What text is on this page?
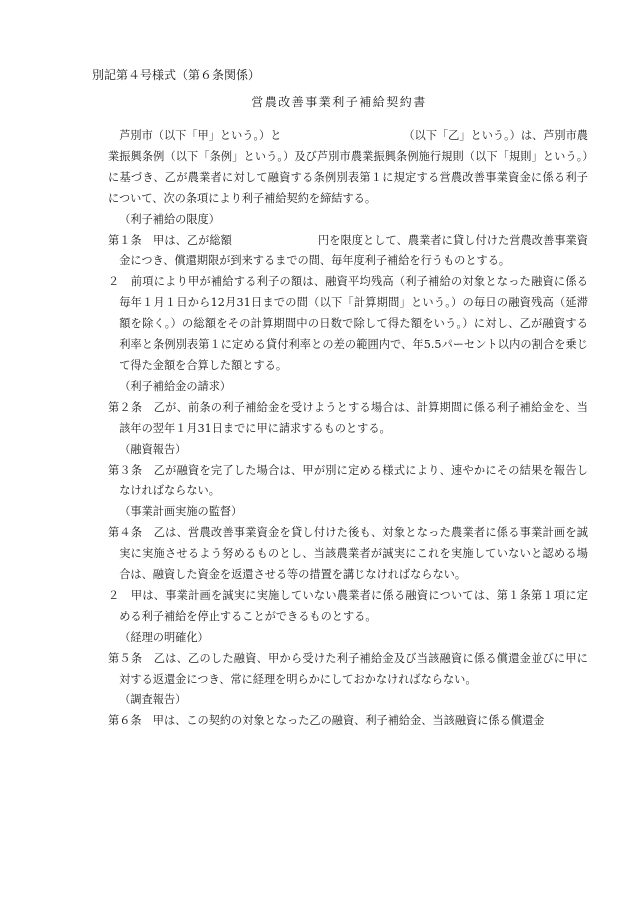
別記第４号様式（第６条関係）
営農改善事業利子補給契約書

芦別市（以下「甲」という。）と	（以下「乙」という。）は、芦別市農業振興条例（以下「条例」という。）及び芦別市農業振興条例施行規則（以下「規則」という。）に基づき、乙が農業者に対して融資する条例別表第１に規定する営農改善事業資金に係る利子について、次の条項により利子補給契約を締結する。

（利子補給の限度）

第１条　甲は、乙が総額	円を限度として、農業者に貸し付けた営農改善事業資金につき、償還期限が到来するまでの間、毎年度利子補給を行うものとする。

２　前項により甲が補給する利子の額は、融資平均残高（利子補給の対象となった融資に係る毎年１月１日から12月31日までの間（以下「計算期間」という。）の毎日の融資残高（延滞額を除く。）の総額をその計算期間中の日数で除して得た額をいう。）に対し、乙が融資する利率と条例別表第１に定める貸付利率との差の範囲内で、年5.5パーセント以内の割合を乗じて得た金額を合算した額とする。

（利子補給金の請求）

第２条　乙が、前条の利子補給金を受けようとする場合は、計算期間に係る利子補給金を、当該年の翌年１月31日までに甲に請求するものとする。

（融資報告）

第３条　乙が融資を完了した場合は、甲が別に定める様式により、速やかにその結果を報告しなければならない。

（事業計画実施の監督）

第４条　乙は、営農改善事業資金を貸し付けた後も、対象となった農業者に係る事業計画を誠実に実施させるよう努めるものとし、当該農業者が誠実にこれを実施していないと認める場合は、融資した資金を返還させる等の措置を講じなければならない。

２　甲は、事業計画を誠実に実施していない農業者に係る融資については、第１条第１項に定める利子補給を停止することができるものとする。

（経理の明確化）

第５条　乙は、乙のした融資、甲から受けた利子補給金及び当該融資に係る償還金並びに甲に対する返還金につき、常に経理を明らかにしておかなければならない。

（調査報告）

第６条　甲は、この契約の対象となった乙の融資、利子補給金、当該融資に係る償還金
